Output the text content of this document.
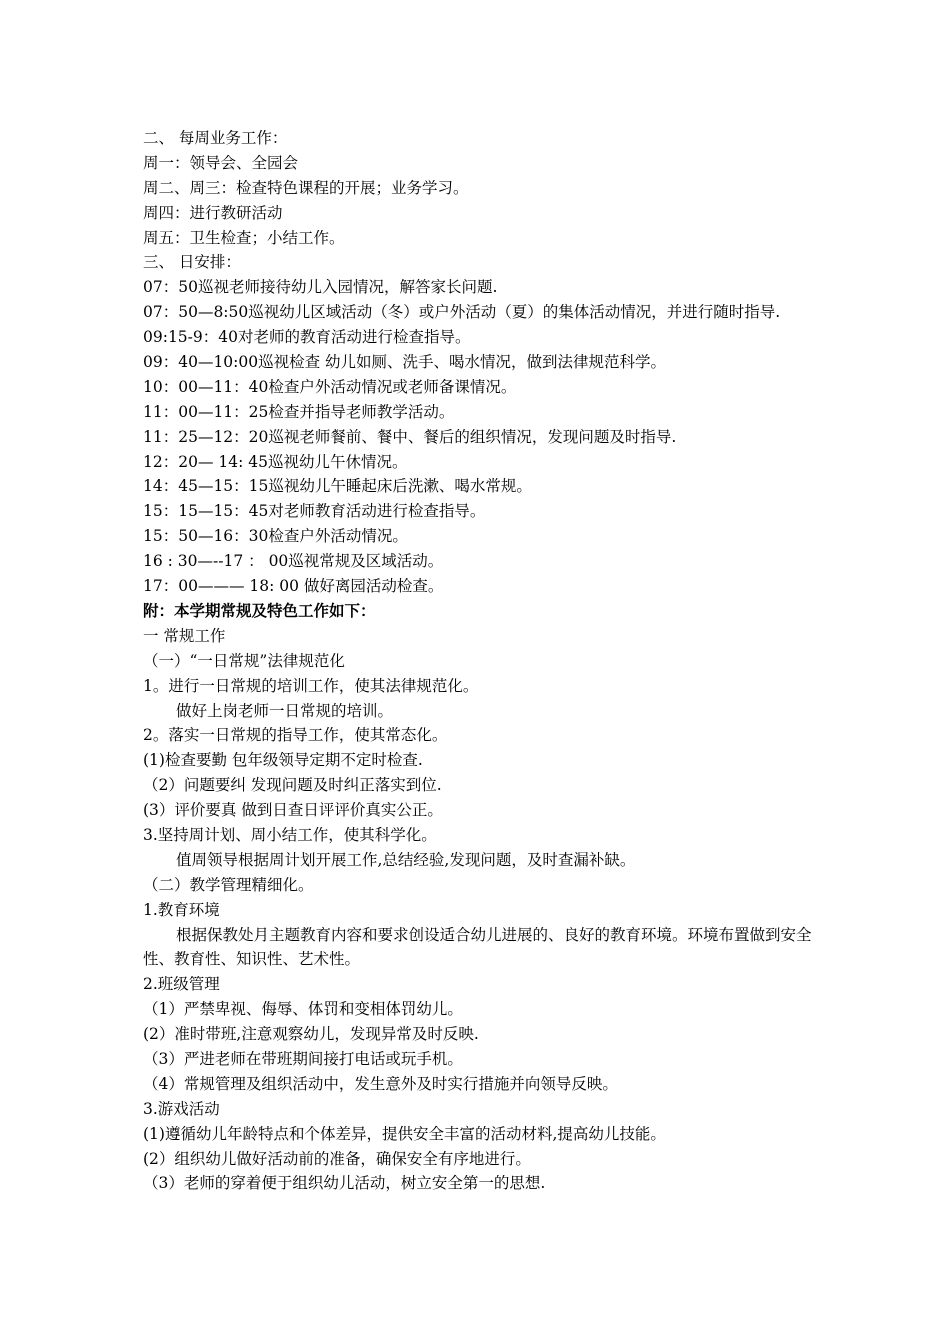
二、 每周业务工作：
周一：领导会、全园会
周二、周三：检查特色课程的开展；业务学习。
周四：进行教研活动
周五：卫生检查；小结工作。
三、 日安排：
07：50巡视老师接待幼儿入园情况，解答家长问题.
07：50—8:50巡视幼儿区域活动（冬）或户外活动（夏）的集体活动情况，并进行随时指导.
09:15-9：40对老师的教育活动进行检查指导。
09：40—10:00巡视检查 幼儿如厕、洗手、喝水情况，做到法律规范科学。
10：00—11：40检查户外活动情况或老师备课情况。
11：00—11：25检查并指导老师教学活动。
11：25—12：20巡视老师餐前、餐中、餐后的组织情况，发现问题及时指导.
12：20— 14: 45巡视幼儿午休情况。
14：45—15：15巡视幼儿午睡起床后洗漱、喝水常规。
15：15—15：45对老师教育活动进行检查指导。
15：50—16：30检查户外活动情况。
16 : 30—--17 ： 00巡视常规及区域活动。
17：00——— 18: 00 做好离园活动检查。
附：本学期常规及特色工作如下：
一 常规工作
（一）“一日常规”法律规范化
1。进行一日常规的培训工作，使其法律规范化。
做好上岗老师一日常规的培训。
2。落实一日常规的指导工作，使其常态化。
(1)检查要勤 包年级领导定期不定时检查.
（2）问题要纠 发现问题及时纠正落实到位.
(3）评价要真 做到日查日评评价真实公正。
3.坚持周计划、周小结工作，使其科学化。
值周领导根据周计划开展工作,总结经验,发现问题，及时查漏补缺。
（二）教学管理精细化。
1.教育环境
根据保教处月主题教育内容和要求创设适合幼儿进展的、良好的教育环境。环境布置做到安全性、教育性、知识性、艺术性。
2.班级管理
（1）严禁卑视、侮辱、体罚和变相体罚幼儿。
(2）准时带班,注意观察幼儿，发现异常及时反映.
（3）严进老师在带班期间接打电话或玩手机。
（4）常规管理及组织活动中，发生意外及时实行措施并向领导反映。
3.游戏活动
(1)遵循幼儿年龄特点和个体差异，提供安全丰富的活动材料,提高幼儿技能。
(2）组织幼儿做好活动前的准备，确保安全有序地进行。
（3）老师的穿着便于组织幼儿活动，树立安全第一的思想.
